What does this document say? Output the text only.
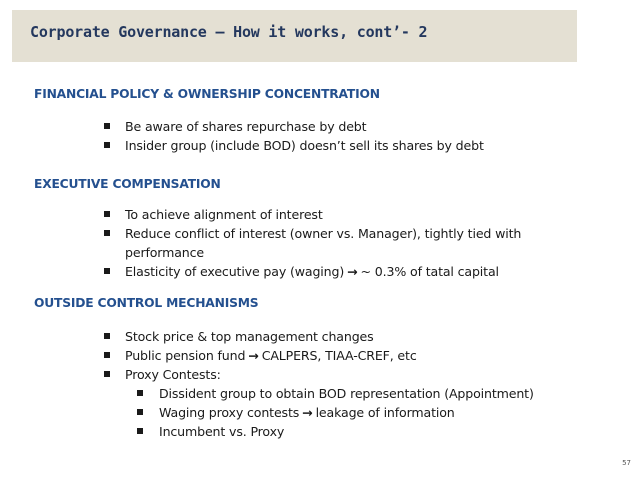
Corporate Governance – How it works, cont’- 2
FINANCIAL POLICY & OWNERSHIP CONCENTRATION
Be aware of shares repurchase by debt
Insider group (include BOD) doesn’t sell its shares by debt
EXECUTIVE COMPENSATION
To achieve alignment of interest
Reduce conflict of interest (owner vs. Manager), tightly tied with
performance
Elasticity of executive pay (waging) → ~ 0.3% of tatal capital
OUTSIDE CONTROL MECHANISMS
Stock price & top management changes
Public pension fund → CALPERS, TIAA-CREF, etc
Proxy Contests:
Dissident group to obtain BOD representation (Appointment)
Waging proxy contests → leakage of information
Incumbent vs. Proxy
57
